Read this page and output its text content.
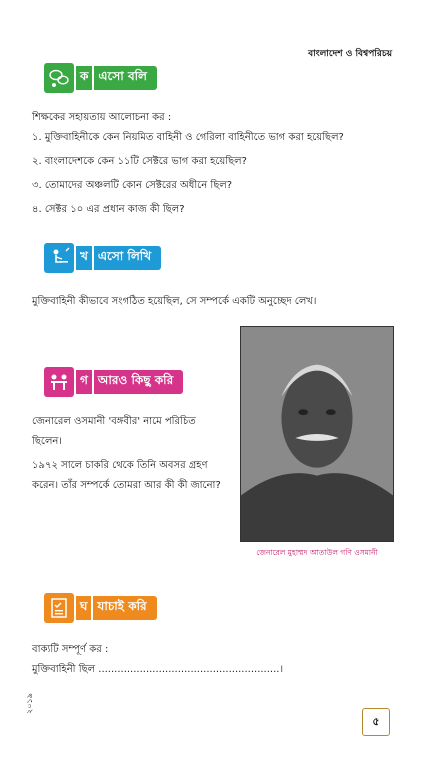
বাংলাদেশ ও বিশ্বপরিচয়
ক এসো বলি
শিক্ষকের সহায়তায় আলোচনা কর :
১. মুক্তিবাহিনীকে কেন নিয়মিত বাহিনী ও গেরিলা বাহিনীতে ভাগ করা হয়েছিল?
২. বাংলাদেশকে কেন ১১টি সেক্টরে ভাগ করা হয়েছিল?
৩. তোমাদের অঞ্চলটি কোন সেক্টরের অধীনে ছিল?
৪. সেক্টর ১০ এর প্রধান কাজ কী ছিল?
খ এসো লিখি
মুক্তিবাহিনী কীভাবে সংগঠিত হয়েছিল, সে সম্পর্কে একটি অনুচ্ছেদ লেখ।
গ আরও কিছু করি
জেনারেল ওসমানী 'বঙ্গবীর' নামে পরিচিত
ছিলেন।
১৯৭২ সালে চাকরি থেকে তিনি অবসর গ্রহণ
করেন। তাঁর সম্পর্কে তোমরা আর কী কী জানো?
জেনারেল মুহাম্মদ আতাউল গণি ওসমানী
ঘ যাচাই করি
বাক্যটি সম্পূর্ণ কর :
মুক্তিবাহিনী ছিল .........................................................।
২০১৯
৫
